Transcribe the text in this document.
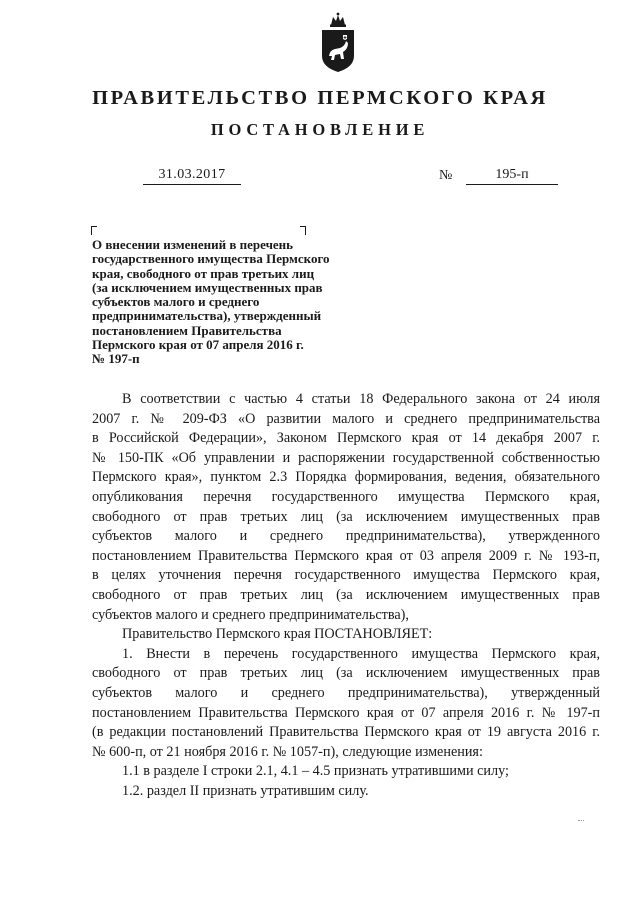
ПРАВИТЕЛЬСТВО ПЕРМСКОГО КРАЯ
ПОСТАНОВЛЕНИЕ
31.03.2017	№	195-п
О внесении изменений в перечень
государственного имущества Пермского
края, свободного от прав третьих лиц
(за исключением имущественных прав
субъектов малого и среднего
предпринимательства), утвержденный
постановлением Правительства
Пермского края от 07 апреля 2016 г.
№ 197-п
В соответствии с частью 4 статьи 18 Федерального закона от 24 июля
2007 г. № 209-ФЗ «О развитии малого и среднего предпринимательства
в Российской Федерации», Законом Пермского края от 14 декабря 2007 г.
№ 150-ПК «Об управлении и распоряжении государственной собственностью
Пермского края», пунктом 2.3 Порядка формирования, ведения, обязательного
опубликования перечня государственного имущества Пермского края,
свободного от прав третьих лиц (за исключением имущественных прав
субъектов малого и среднего предпринимательства), утвержденного
постановлением Правительства Пермского края от 03 апреля 2009 г. № 193-п,
в целях уточнения перечня государственного имущества Пермского края,
свободного от прав третьих лиц (за исключением имущественных прав
субъектов малого и среднего предпринимательства),
Правительство Пермского края ПОСТАНОВЛЯЕТ:
1. Внести в перечень государственного имущества Пермского края,
свободного от прав третьих лиц (за исключением имущественных прав
субъектов малого и среднего предпринимательства), утвержденный
постановлением Правительства Пермского края от 07 апреля 2016 г. № 197-п
(в редакции постановлений Правительства Пермского края от 19 августа 2016 г.
№ 600-п, от 21 ноября 2016 г. № 1057-п), следующие изменения:
1.1 в разделе I строки 2.1, 4.1 – 4.5 признать утратившими силу;
1.2. раздел II признать утратившим силу.
